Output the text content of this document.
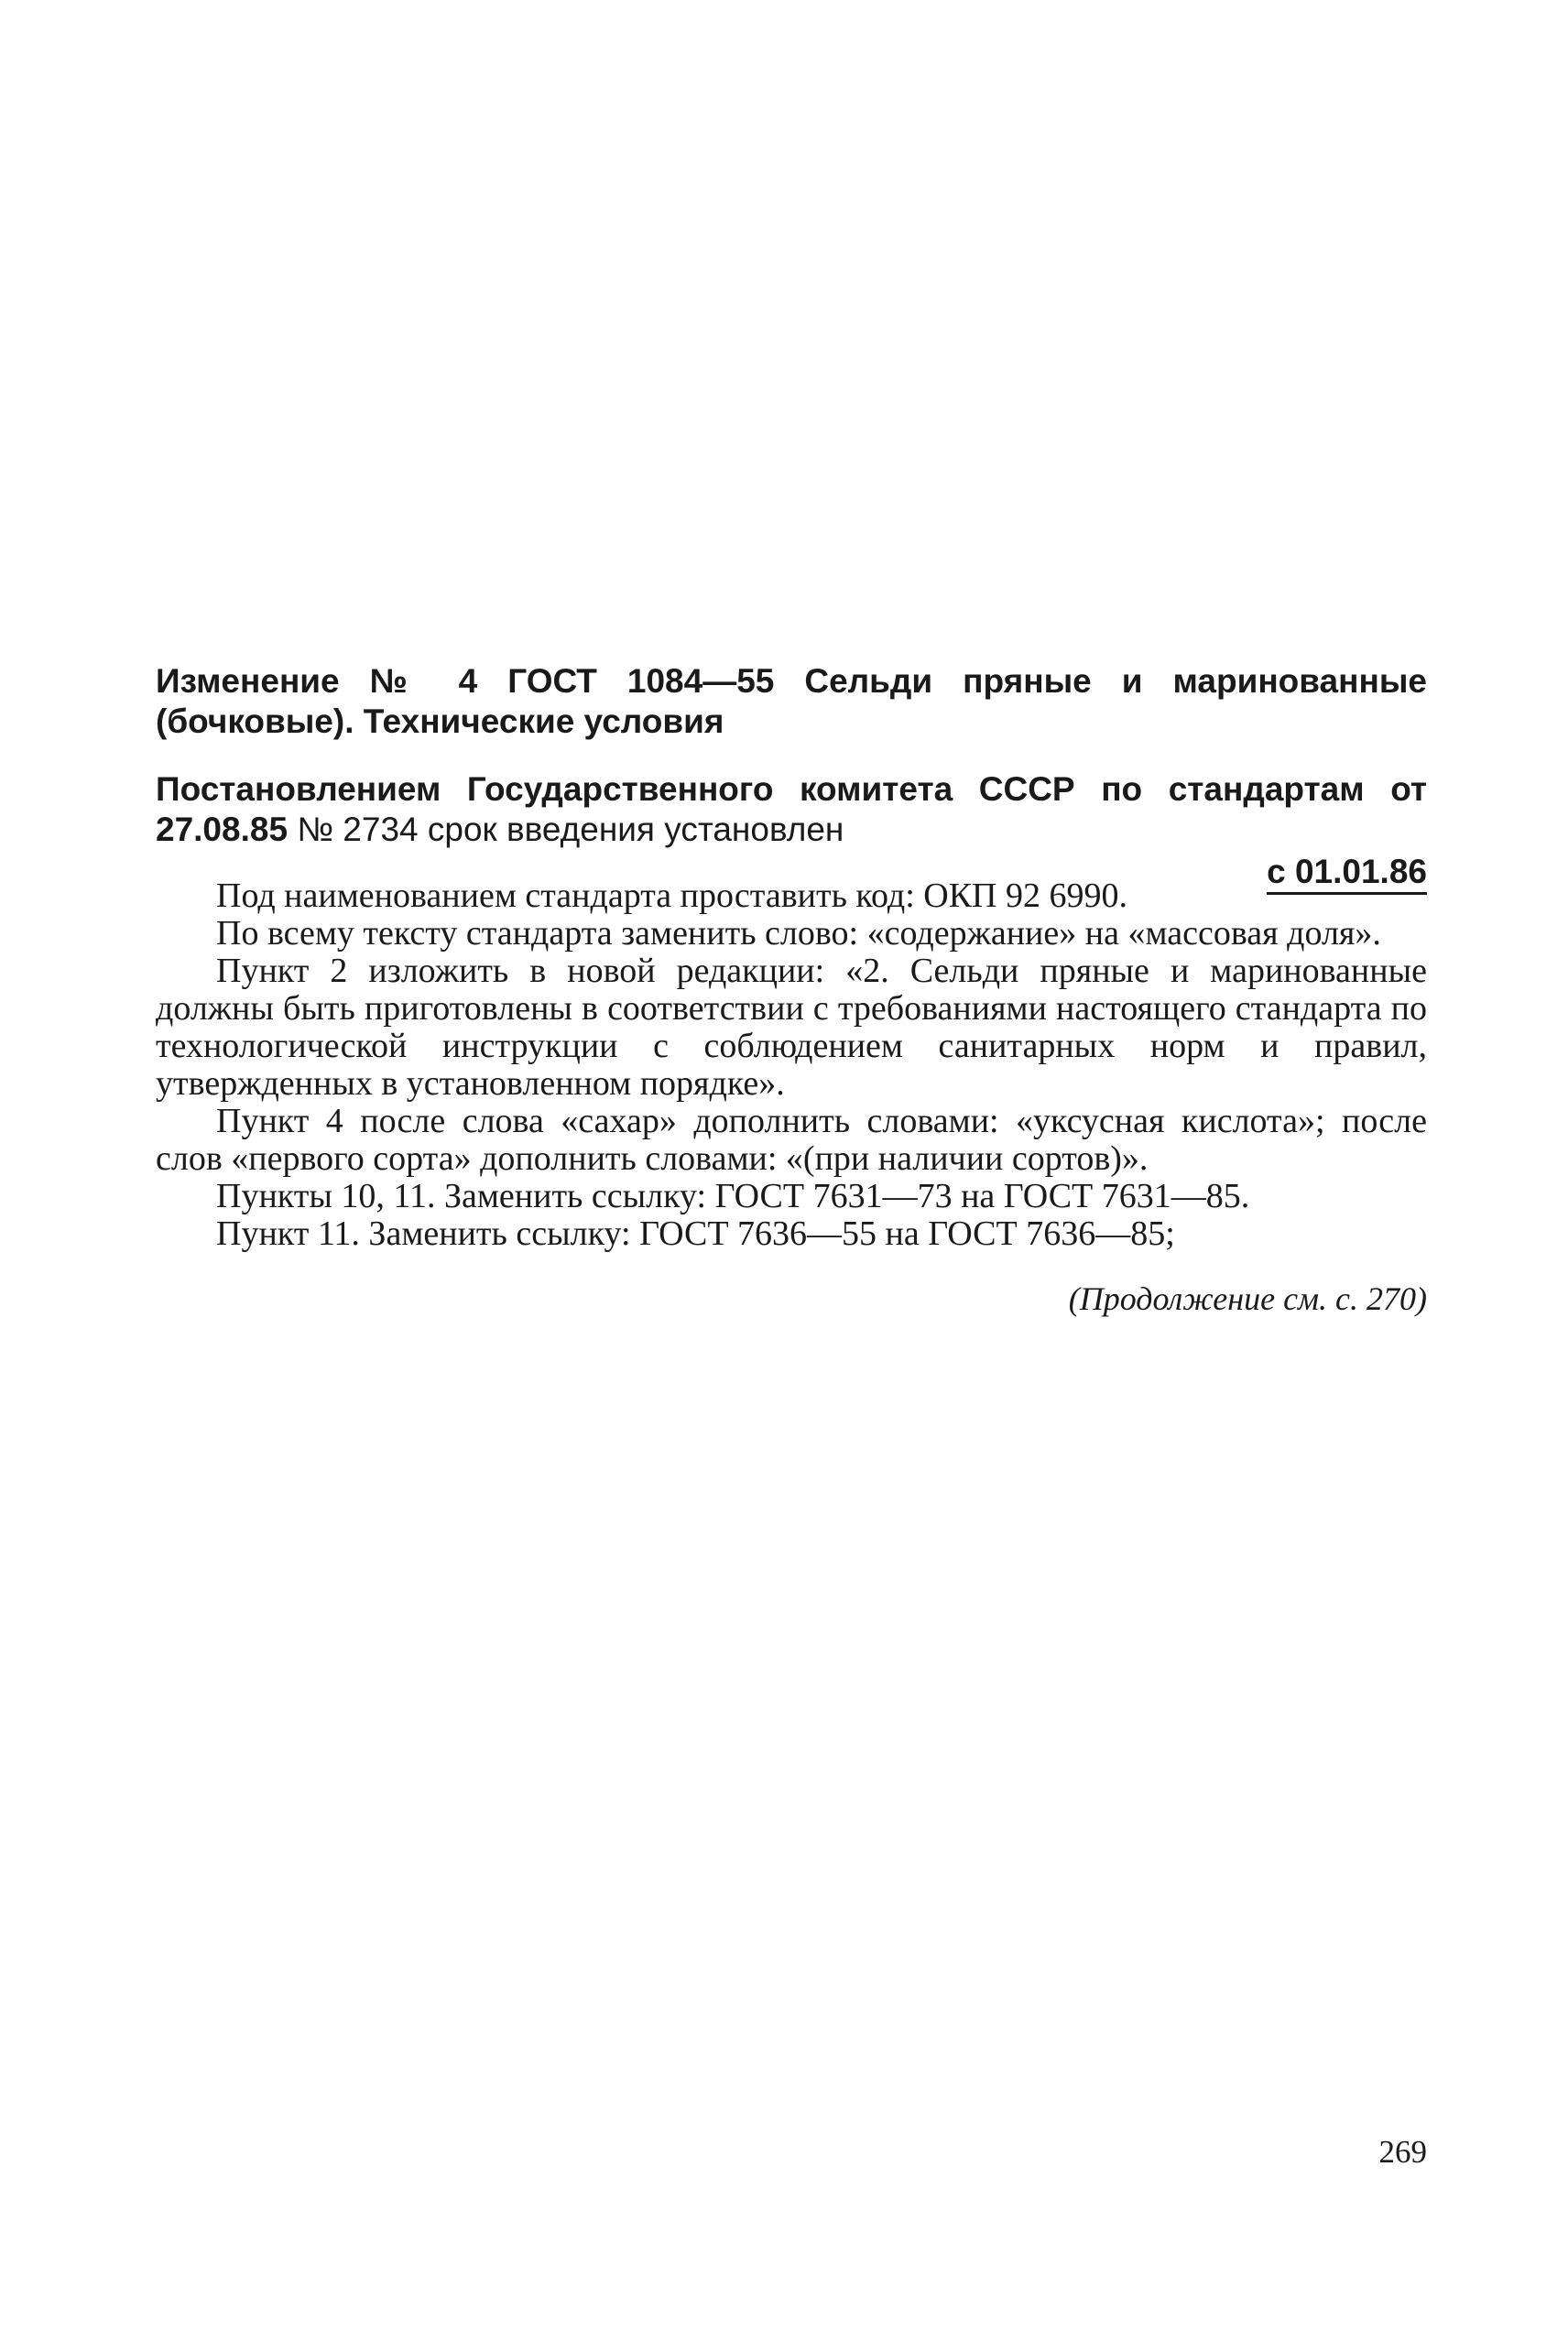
Изменение № 4 ГОСТ 1084—55 Сельди пряные и маринованные (бочковые). Технические условия

Постановлением Государственного комитета СССР по стандартам от 27.08.85 № 2734 срок введения установлен

с 01.01.86

Под наименованием стандарта проставить код: ОКП 92 6990.

По всему тексту стандарта заменить слово: «содержание» на «массовая доля».

Пункт 2 изложить в новой редакции: «2. Сельди пряные и маринованные должны быть приготовлены в соответствии с требованиями настоящего стандарта по технологической инструкции с соблюдением санитарных норм и правил, утвержденных в установленном порядке».

Пункт 4 после слова «сахар» дополнить словами: «уксусная кислота»; после слов «первого сорта» дополнить словами: «(при наличии сортов)».

Пункты 10, 11. Заменить ссылку: ГОСТ 7631—73 на ГОСТ 7631—85.

Пункт 11. Заменить ссылку: ГОСТ 7636—55 на ГОСТ 7636—85;

(Продолжение см. с. 270)
269
